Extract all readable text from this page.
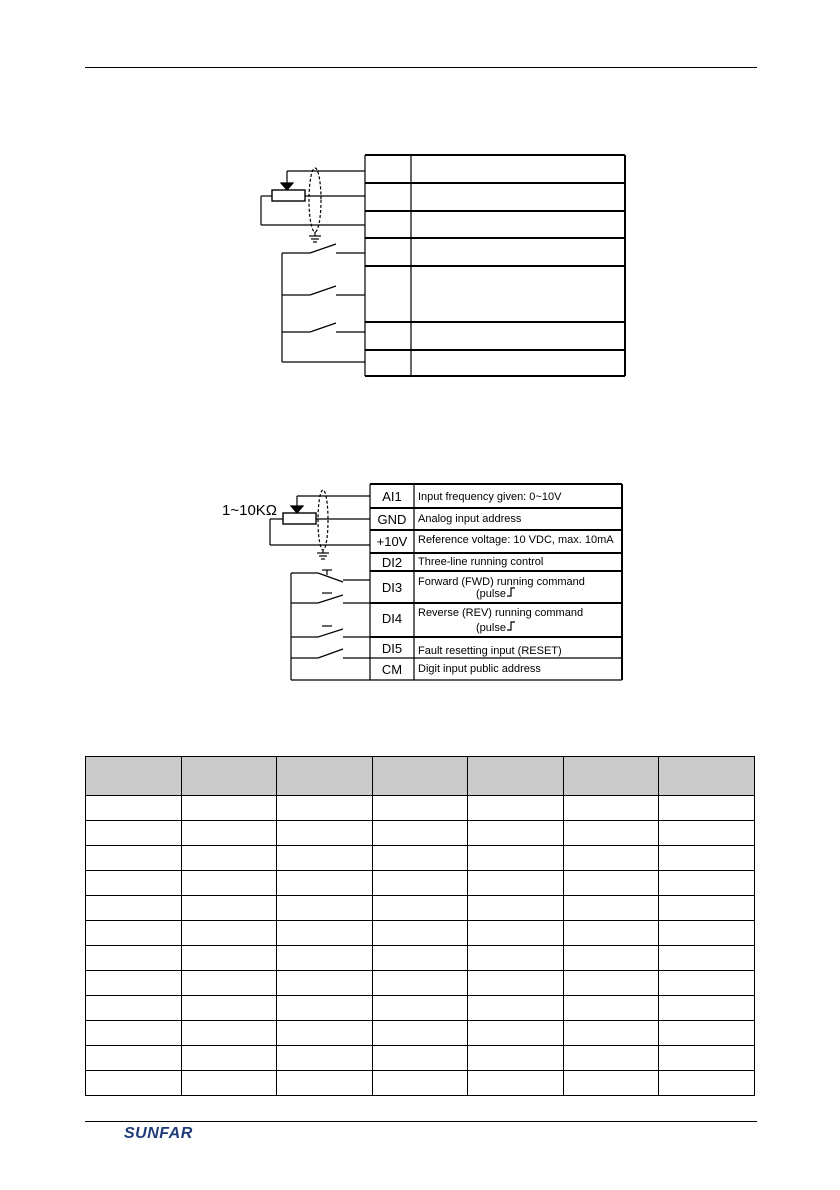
1~10KΩ
AI1 Input frequency given: 0~10V
GND Analog input address
+10V Reference voltage: 10 VDC, max. 10mA
DI2 Three-line running control
DI3 Forward (FWD) running command
(pulse
DI4 Reverse (REV) running command
(pulse
DI5 Fault resetting input (RESET)
CM Digit input public address

SUNFAR
